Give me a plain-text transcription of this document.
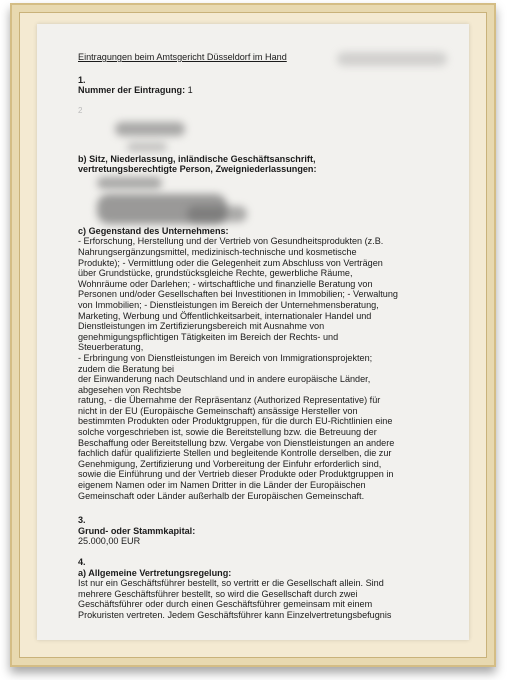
Eintragungen beim Amtsgericht Düsseldorf im Hand
1.
Nummer der Eintragung: 1
2
b) Sitz, Niederlassung, inländische Geschäftsanschrift,
vertretungsberechtigte Person, Zweigniederlassungen:
c) Gegenstand des Unternehmens:
- Erforschung, Herstellung und der Vertrieb von Gesundheitsprodukten (z.B.
Nahrungsergänzungsmittel, medizinisch-technische und kosmetische
Produkte); - Vermittlung oder die Gelegenheit zum Abschluss von Verträgen
über Grundstücke, grundstücksgleiche Rechte, gewerbliche Räume,
Wohnräume oder Darlehen; - wirtschaftliche und finanzielle Beratung von
Personen und/oder Gesellschaften bei Investitionen in Immobilien; - Verwaltung
von Immobilien; - Dienstleistungen im Bereich der Unternehmensberatung,
Marketing, Werbung und Öffentlichkeitsarbeit, internationaler Handel und
Dienstleistungen im Zertifizierungsbereich mit Ausnahme von
genehmigungspflichtigen Tätigkeiten im Bereich der Rechts- und
Steuerberatung,
- Erbringung von Dienstleistungen im Bereich von Immigrationsprojekten;
zudem die Beratung bei
der Einwanderung nach Deutschland und in andere europäische Länder,
abgesehen von Rechtsbe
ratung, - die Übernahme der Repräsentanz (Authorized Representative) für
nicht in der EU (Europäische Gemeinschaft) ansässige Hersteller von
bestimmten Produkten oder Produktgruppen, für die durch EU-Richtlinien eine
solche vorgeschrieben ist, sowie die Bereitstellung bzw. die Betreuung der
Beschaffung oder Bereitstellung bzw. Vergabe von Dienstleistungen an andere
fachlich dafür qualifizierte Stellen und begleitende Kontrolle derselben, die zur
Genehmigung, Zertifizierung und Vorbereitung der Einfuhr erforderlich sind,
sowie die Einführung und der Vertrieb dieser Produkte oder Produktgruppen in
eigenem Namen oder im Namen Dritter in die Länder der Europäischen
Gemeinschaft oder Länder außerhalb der Europäischen Gemeinschaft.
3.
Grund- oder Stammkapital:
25.000,00 EUR
4.
a) Allgemeine Vertretungsregelung:
Ist nur ein Geschäftsführer bestellt, so vertritt er die Gesellschaft allein. Sind
mehrere Geschäftsführer bestellt, so wird die Gesellschaft durch zwei
Geschäftsführer oder durch einen Geschäftsführer gemeinsam mit einem
Prokuristen vertreten. Jedem Geschäftsführer kann Einzelvertretungsbefugnis
